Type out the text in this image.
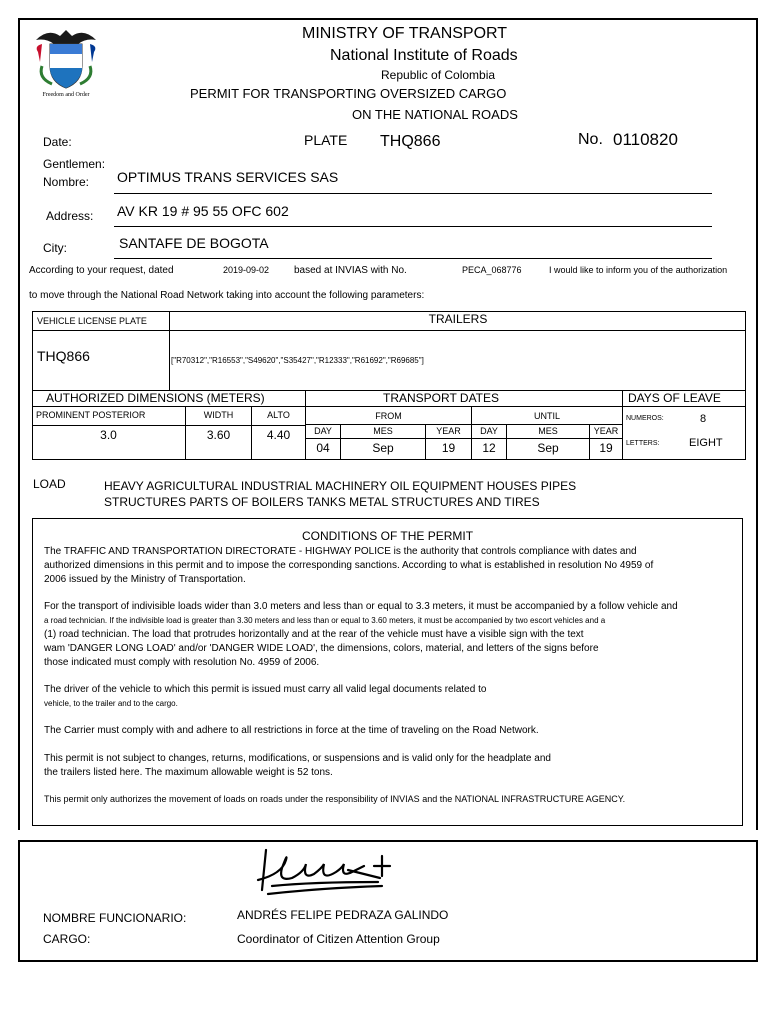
Freedom and Order
MINISTRY OF TRANSPORT
National Institute of Roads
Republic of Colombia
PERMIT FOR TRANSPORTING OVERSIZED CARGO
ON THE NATIONAL ROADS
Date:	PLATE THQ866	No. 0110820
Gentlemen:
Nombre: OPTIMUS TRANS SERVICES SAS
Address: AV KR 19 # 95 55 OFC 602
City:	SANTAFE DE BOGOTA
According to your request, dated	2019-09-02 based at INVIAS with No.	PECA_068776	I would like to inform you of the authorization
to move through the National Road Network taking into account the following parameters:
VEHICLE LICENSE PLATE	TRAILERS
THQ866	["R70312","R16553","S49620","S35427","R12333","R61692","R69685"]
AUTHORIZED DIMENSIONS (METERS)	TRANSPORT DATES	DAYS OF LEAVE
PROMINENT POSTERIOR	WIDTH	ALTO
3.0	3.60	4.40
FROM	UNTIL
DAY	MES	YEAR	DAY	MES	YEAR
04	Sep	19	12	Sep	19
NUMEROS:	8
LETTERS:	EIGHT
LOAD	HEAVY AGRICULTURAL INDUSTRIAL MACHINERY OIL EQUIPMENT HOUSES PIPES
STRUCTURES PARTS OF BOILERS TANKS METAL STRUCTURES AND TIRES
CONDITIONS OF THE PERMIT
The TRAFFIC AND TRANSPORTATION DIRECTORATE - HIGHWAY POLICE is the authority that controls compliance with dates and
authorized dimensions in this permit and to impose the corresponding sanctions. According to what is established in resolution No 4959 of
2006 issued by the Ministry of Transportation.
For the transport of indivisible loads wider than 3.0 meters and less than or equal to 3.3 meters, it must be accompanied by a follow vehicle and
a road technician. If the indivisible load is greater than 3.30 meters and less than or equal to 3.60 meters, it must be accompanied by two escort vehicles and a
(1) road technician. The load that protrudes horizontally and at the rear of the vehicle must have a visible sign with the text
wam 'DANGER LONG LOAD' and/or 'DANGER WIDE LOAD', the dimensions, colors, material, and letters of the signs before
those indicated must comply with resolution No. 4959 of 2006.
The driver of the vehicle to which this permit is issued must carry all valid legal documents related to
vehicle, to the trailer and to the cargo.
The Carrier must comply with and adhere to all restrictions in force at the time of traveling on the Road Network.
This permit is not subject to changes, returns, modifications, or suspensions and is valid only for the headplate and
the trailers listed here. The maximum allowable weight is 52 tons.
This permit only authorizes the movement of loads on roads under the responsibility of INVIAS and the NATIONAL INFRASTRUCTURE AGENCY.
NOMBRE FUNCIONARIO:	ANDRÉS FELIPE PEDRAZA GALINDO
CARGO:	Coordinator of Citizen Attention Group
